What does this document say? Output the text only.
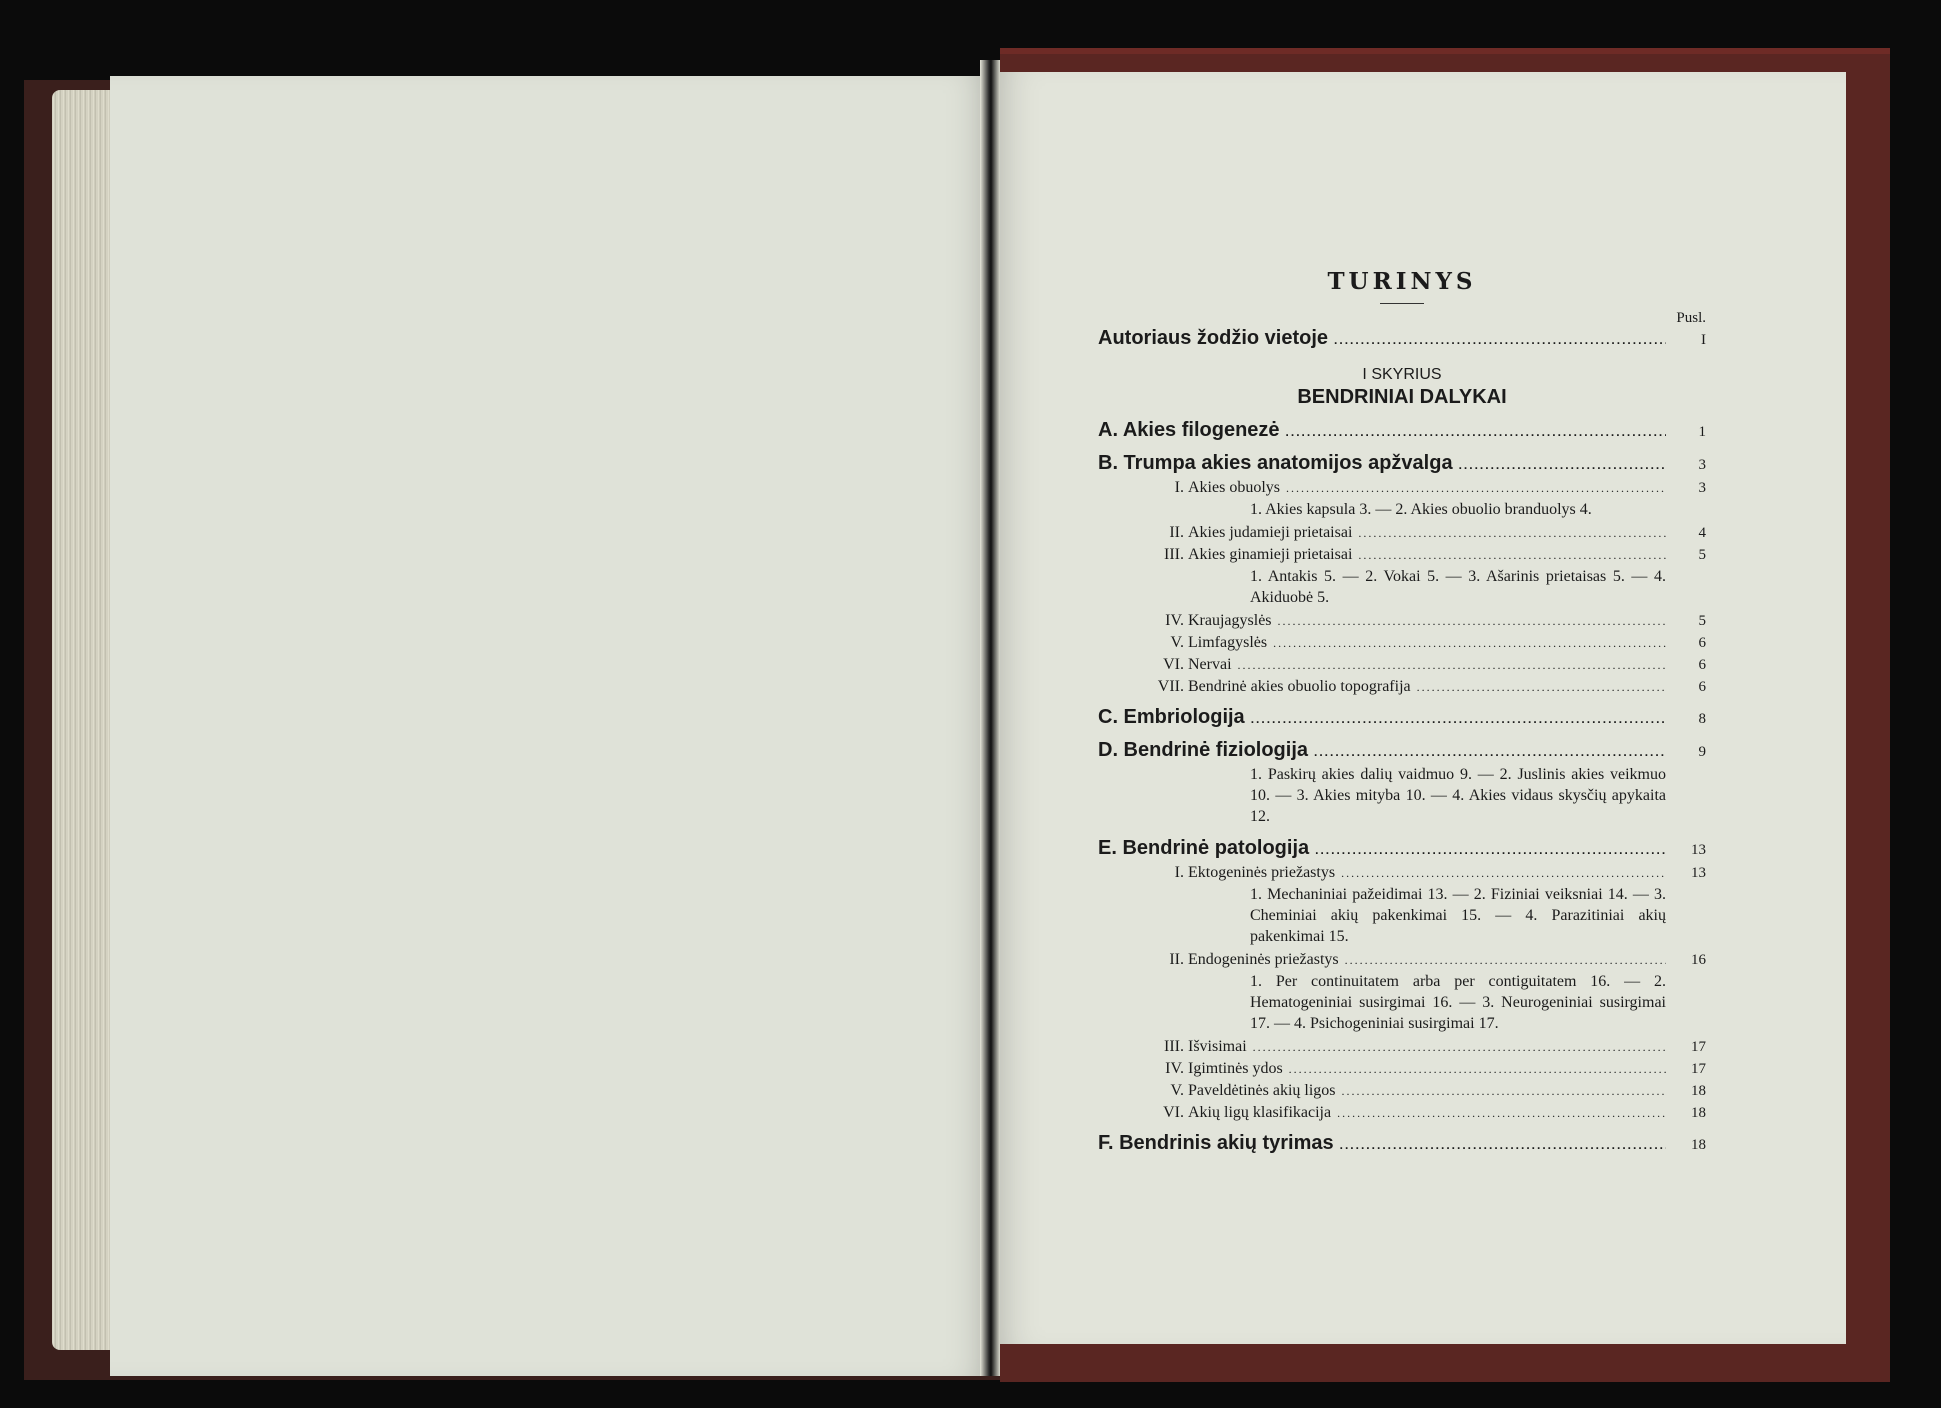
TURINYS
Pusl.
Autoriaus žodžio vietoje .....	I
I SKYRIUS
BENDRINIAI DALYKAI
A. Akies filogenezė .....	1
B. Trumpa akies anatomijos apžvalga .....	3
I. Akies obuolys .....	3
1. Akies kapsula 3. — 2. Akies obuolio branduolys 4.
II. Akies judamieji prietaisai .....	4
III. Akies ginamieji prietaisai .....	5
1. Antakis 5. — 2. Vokai 5. — 3. Ašarinis prietaisas 5. — 4. Akiduobė 5.
IV. Kraujagyslės .....	5
V. Limfagyslės .....	6
VI. Nervai .....	6
VII. Bendrinė akies obuolio topografija .....	6
C. Embriologija .....	8
D. Bendrinė fiziologija .....	9
1. Paskirų akies dalių vaidmuo 9. — 2. Juslinis akies veikmuo 10. — 3. Akies mityba 10. — 4. Akies vidaus skysčių apykaita 12.
E. Bendrinė patologija .....	13
I. Ektogeninės priežastys .....	13
1. Mechaniniai pažeidimai 13. — 2. Fiziniai veiksniai 14. — 3. Cheminiai akių pakenkimai 15. — 4. Parazitiniai akių pakenkimai 15.
II. Endogeninės priežastys .....	16
1. Per continuitatem arba per contiguitatem 16. — 2. Hematogeniniai susirgimai 16. — 3. Neurogeniniai susirgimai 17. — 4. Psichogeniniai susirgimai 17.
III. Išvisimai .....	17
IV. Igimtinės ydos .....	17
V. Paveldėtinės akių ligos .....	18
VI. Akių ligų klasifikacija .....	18
F. Bendrinis akių tyrimas .....	18
